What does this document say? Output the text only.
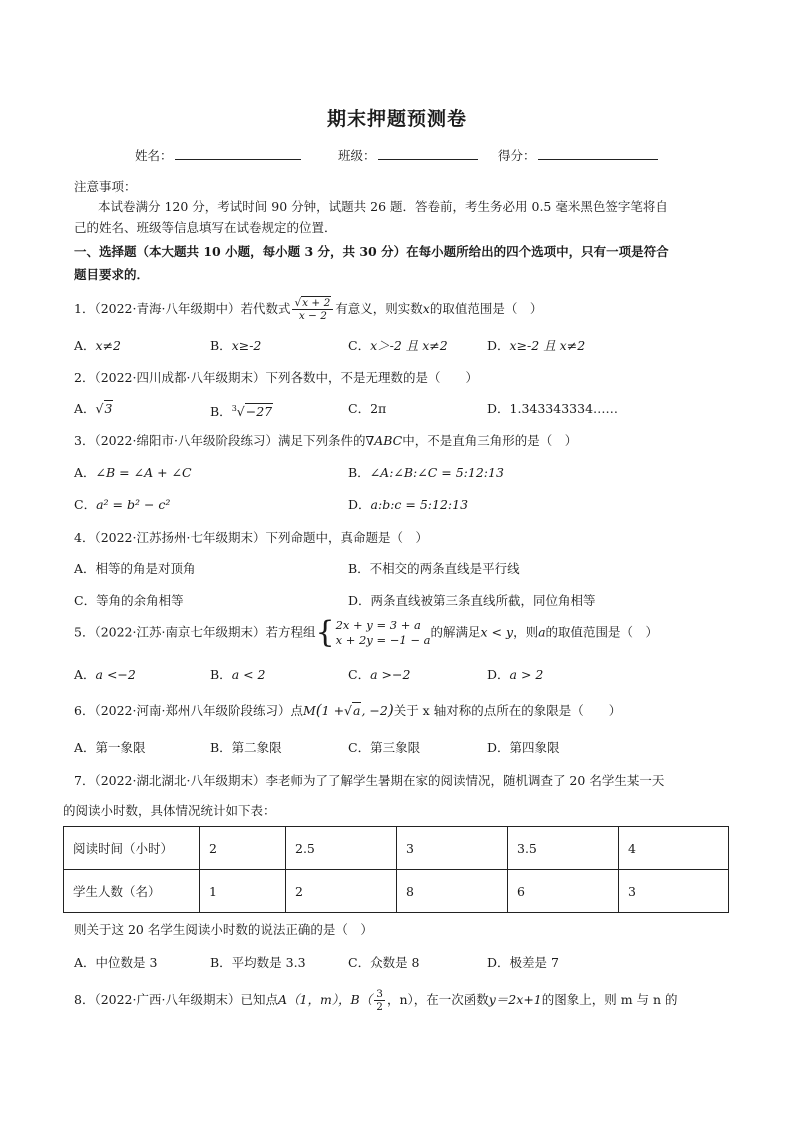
期末押题预测卷
姓名：	班级：	得分：
注意事项：
本试卷满分 120 分，考试时间 90 分钟，试题共 26 题．答卷前，考生务必用 0.5 毫米黑色签字笔将自
己的姓名、班级等信息填写在试卷规定的位置．
一、选择题（本大题共 10 小题，每小题 3 分，共 30 分）在每小题所给出的四个选项中，只有一项是符合
题目要求的．
1．（2022·青海·八年级期中）若代数式 $\frac{√x + 2}{x - 2}$ 有意义，则实数x的取值范围是（　）
A．x≠2	B．x≥-2	C．x＞-2 且 x≠2	D．x≥-2 且 x≠2
2．（2022·四川成都·八年级期末）下列各数中，不是无理数的是（　　）
A．√3	B．$^3$√−27	C．2π	D．1.343343334……
3．（2022·绵阳市·八年级阶段练习）满足下列条件的∇ABC中，不是直角三角形的是（　）
A．∠B = ∠A + ∠C	B．∠A:∠B:∠C = 5:12:13
C．a² = b² − c²	D．a:b:c = 5:12:13
4．（2022·江苏扬州·七年级期末）下列命题中，真命题是（　）
A．相等的角是对顶角	B．不相交的两条直线是平行线
C．等角的余角相等	D．两条直线被第三条直线所截，同位角相等
5．（2022·江苏·南京七年级期末）若方程组{ 2x + y = 3 + a
x + 2y = −1 − a
的解满足x < y，则a的取值范围是（　）
A．a <−2	B．a < 2	C．a >−2	D．a > 2
6．（2022·河南·郑州八年级阶段练习）点M(1 +√a, −2)关于 x 轴对称的点所在的象限是（　　）
A．第一象限	B．第二象限	C．第三象限	D．第四象限
7．（2022·湖北湖北·八年级期末）李老师为了了解学生暑期在家的阅读情况，随机调查了 20 名学生某一天
的阅读小时数，具体情况统计如下表：
阅读时间（小时）	2	2.5	3	3.5	4
学生人数（名）	1	2	8	6	3
则关于这 20 名学生阅读小时数的说法正确的是（　）
A．中位数是 3	B．平均数是 3.3	C．众数是 8	D．极差是 7
8．（2022·广西·八年级期末）已知点A（1，m），$B( \frac{3}{2}$ ，n），在一次函数y＝2x+1的图象上，则 m 与 n 的
